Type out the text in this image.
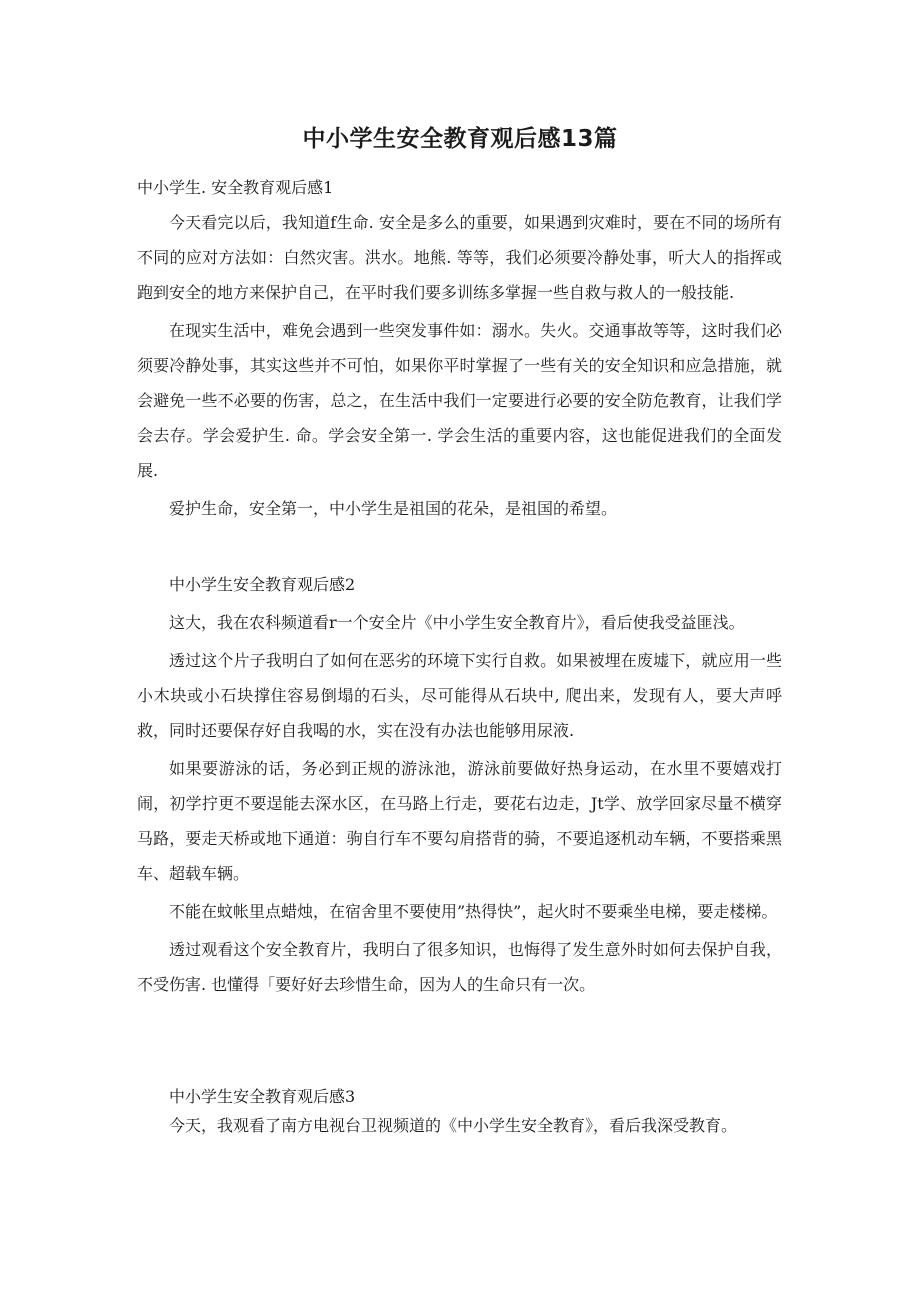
中小学生安全教育观后感13篇

中小学生. 安全教育观后感1

今天看完以后，我知道f生命. 安全是多么的重要，如果遇到灾难时，要在不同的场所有不同的应对方法如：白然灾害。洪水。地熊. 等等，我们必须要冷静处事，听大人的指挥或跑到安全的地方来保护自己，在平时我们要多训练多掌握一些自救与救人的一般技能.

在现实生活中，难免会遇到一些突发事件如：溺水。失火。交通事故等等，这时我们必须要冷静处事，其实这些并不可怕，如果你平时掌握了一些有关的安全知识和应急措施，就会避免一些不必要的伤害，总之，在生活中我们一定要进行必要的安全防危教育，让我们学会去存。学会爱护生. 命。学会安全第一. 学会生活的重要内容，这也能促进我们的全面发展.

爱护生命，安全第一，中小学生是祖国的花朵，是祖国的希望。

中小学生安全教育观后感2

这大，我在农科频道看r一个安全片《中小学生安全教育片》，看后使我受益匪浅。

透过这个片子我明白了如何在恶劣的环境下实行自救。如果被埋在废墟下，就应用一些小木块或小石块撑住容易倒塌的石头，尽可能得从石块中, 爬出来，发现有人，要大声呼救，同时还要保存好自我喝的水，实在没有办法也能够用尿液.

如果要游泳的话，务必到正规的游泳池，游泳前要做好热身运动，在水里不要嬉戏打闹，初学拧更不要逞能去深水区，在马路上行走，要花右边走，Jt学、放学回家尽量不横穿马路，要走天桥或地下通道：驹自行车不要勾肩搭背的骑，不要追逐机动车辆，不要搭乘黑车、超载车辆。

不能在蚊帐里点蜡烛，在宿舍里不要使用”热得快”，起火时不要乘坐电梯，要走楼梯。

透过观看这个安全教育片，我明白了很多知识，也悔得了发生意外时如何去保护自我，不受伤害. 也懂得「要好好去珍惜生命，因为人的生命只有一次。

中小学生安全教育观后感3

今天，我观看了南方电视台卫视频道的《中小学生安全教育》，看后我深受教育。
